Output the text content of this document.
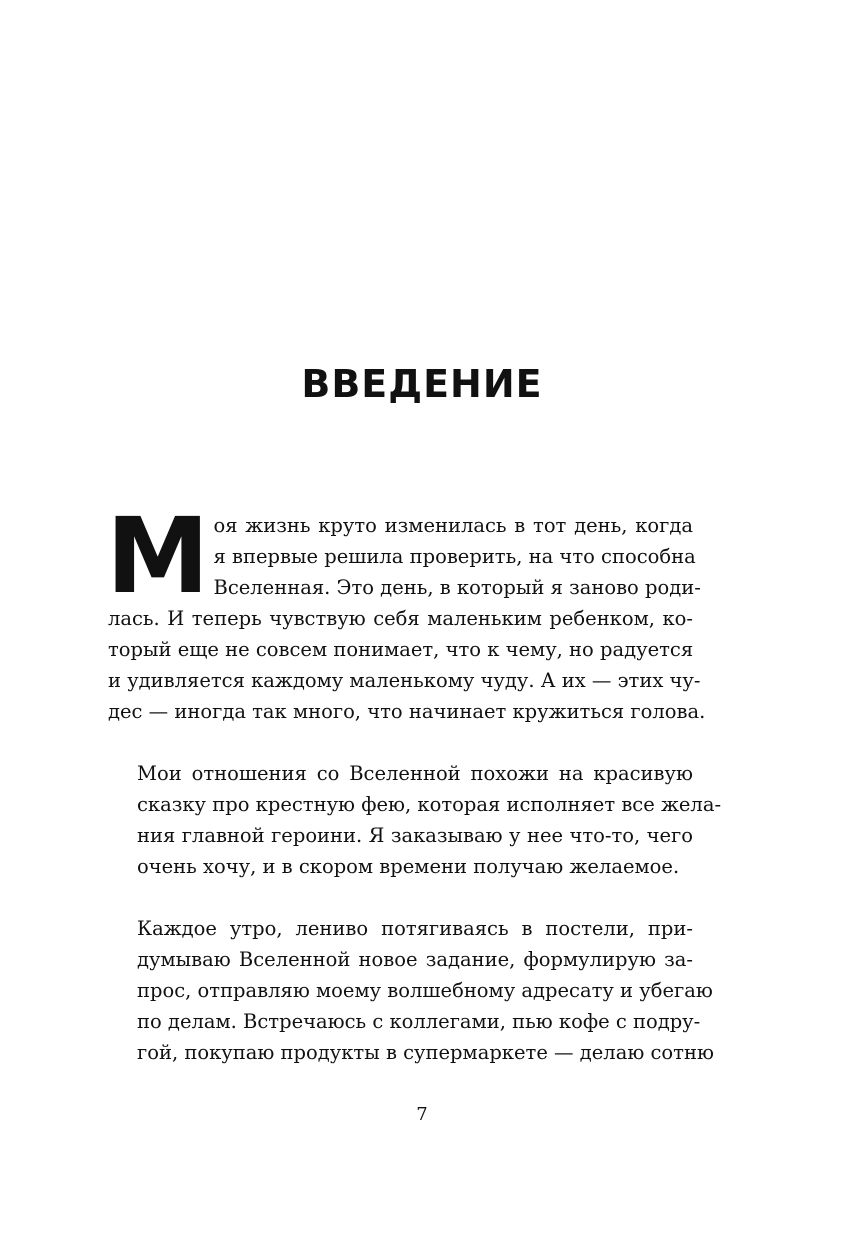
ВВЕДЕНИЕ
М оя жизнь круто изменилась в тот день, когда
я впервые решила проверить, на что способна
Вселенная. Это день, в который я заново роди-
лась. И теперь чувствую себя маленьким ребенком, ко-
торый еще не совсем понимает, что к чему, но радуется
и удивляется каждому маленькому чуду. А их — этих чу-
дес — иногда так много, что начинает кружиться голова.
Мои отношения со Вселенной похожи на красивую
сказку про крестную фею, которая исполняет все жела-
ния главной героини. Я заказываю у нее что-то, чего
очень хочу, и в скором времени получаю желаемое.
Каждое утро, лениво потягиваясь в постели, при-
думываю Вселенной новое задание, формулирую за-
прос, отправляю моему волшебному адресату и убегаю
по делам. Встречаюсь с коллегами, пью кофе с подру-
гой, покупаю продукты в супермаркете — делаю сотню
7
